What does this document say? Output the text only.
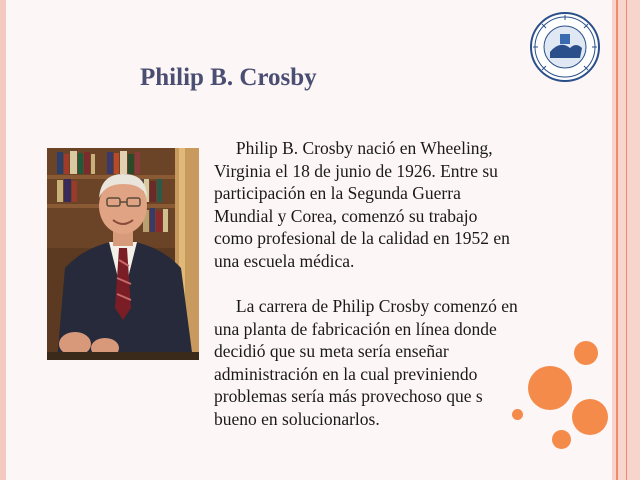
Philip B. Crosby

  Philip B. Crosby nació en Wheeling,
Virginia el 18 de junio de 1926. Entre su
participación en la Segunda Guerra
Mundial y Corea, comenzó su trabajo
como profesional de la calidad en 1952 en
una escuela médica.

  La carrera de Philip Crosby comenzó en
una planta de fabricación en línea donde
decidió que su meta sería enseñar
administración en la cual previniendo
problemas sería más provechoso que s
bueno en solucionarlos.
